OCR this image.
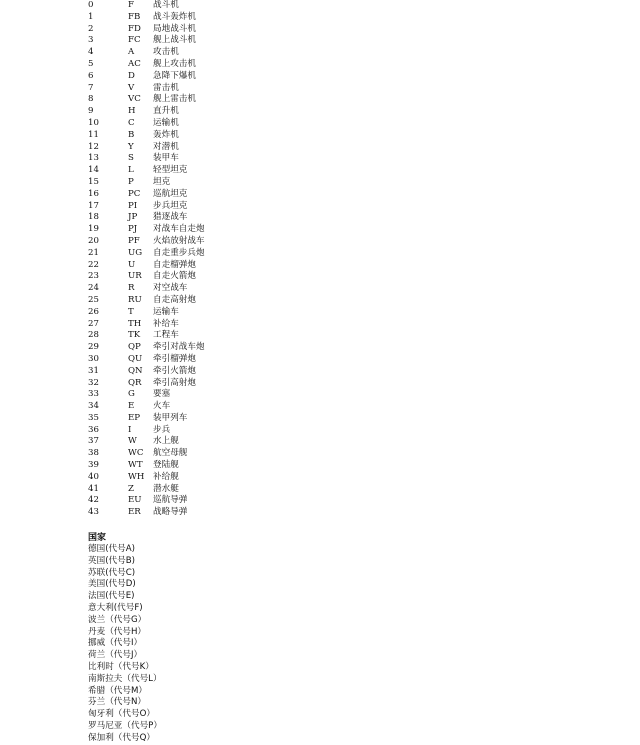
0	F 战斗机
1	FB 战斗轰炸机
2	FD 局地战斗机
3	FC 舰上战斗机
4	A 攻击机
5	AC 舰上攻击机
6	D 急降下爆机
7	V 雷击机
8	VC 舰上雷击机
9	H 直升机
10	C 运输机
11	B 轰炸机
12	Y 对潜机
13	S 装甲车
14	L 轻型坦克
15	P 坦克
16	PC 巡航坦克
17	PI 步兵坦克
18	JP 猎逐战车
19	PJ 对战车自走炮
20	PF 火焰放射战车
21	UG 自走重步兵炮
22	U 自走榴弹炮
23	UR 自走火箭炮
24	R 对空战车
25	RU 自走高射炮
26	T 运输车
27	TH 补给车
28	TK 工程车
29	QP 牵引对战车炮
30	QU 牵引榴弹炮
31	QN 牵引火箭炮
32	QR 牵引高射炮
33	G 要塞
34	E 火车
35	EP 装甲列车
36	I	步兵
37	W 水上舰
38	WC 航空母舰
39	WT 登陆舰
40	WH 补给舰
41	Z 潜水艇
42	EU 巡航导弹
43	ER 战略导弹
国家
德国(代号A)
英国(代号B)
苏联(代号C)
美国(代号D)
法国(代号E)
意大利(代号F)
波兰（代号G）
丹麦（代号H）
挪威（代号I）
荷兰（代号J）
比利时（代号K）
南斯拉夫（代号L）
希腊（代号M）
芬兰（代号N）
匈牙利（代号O）
罗马尼亚（代号P）
保加利（代号Q）
